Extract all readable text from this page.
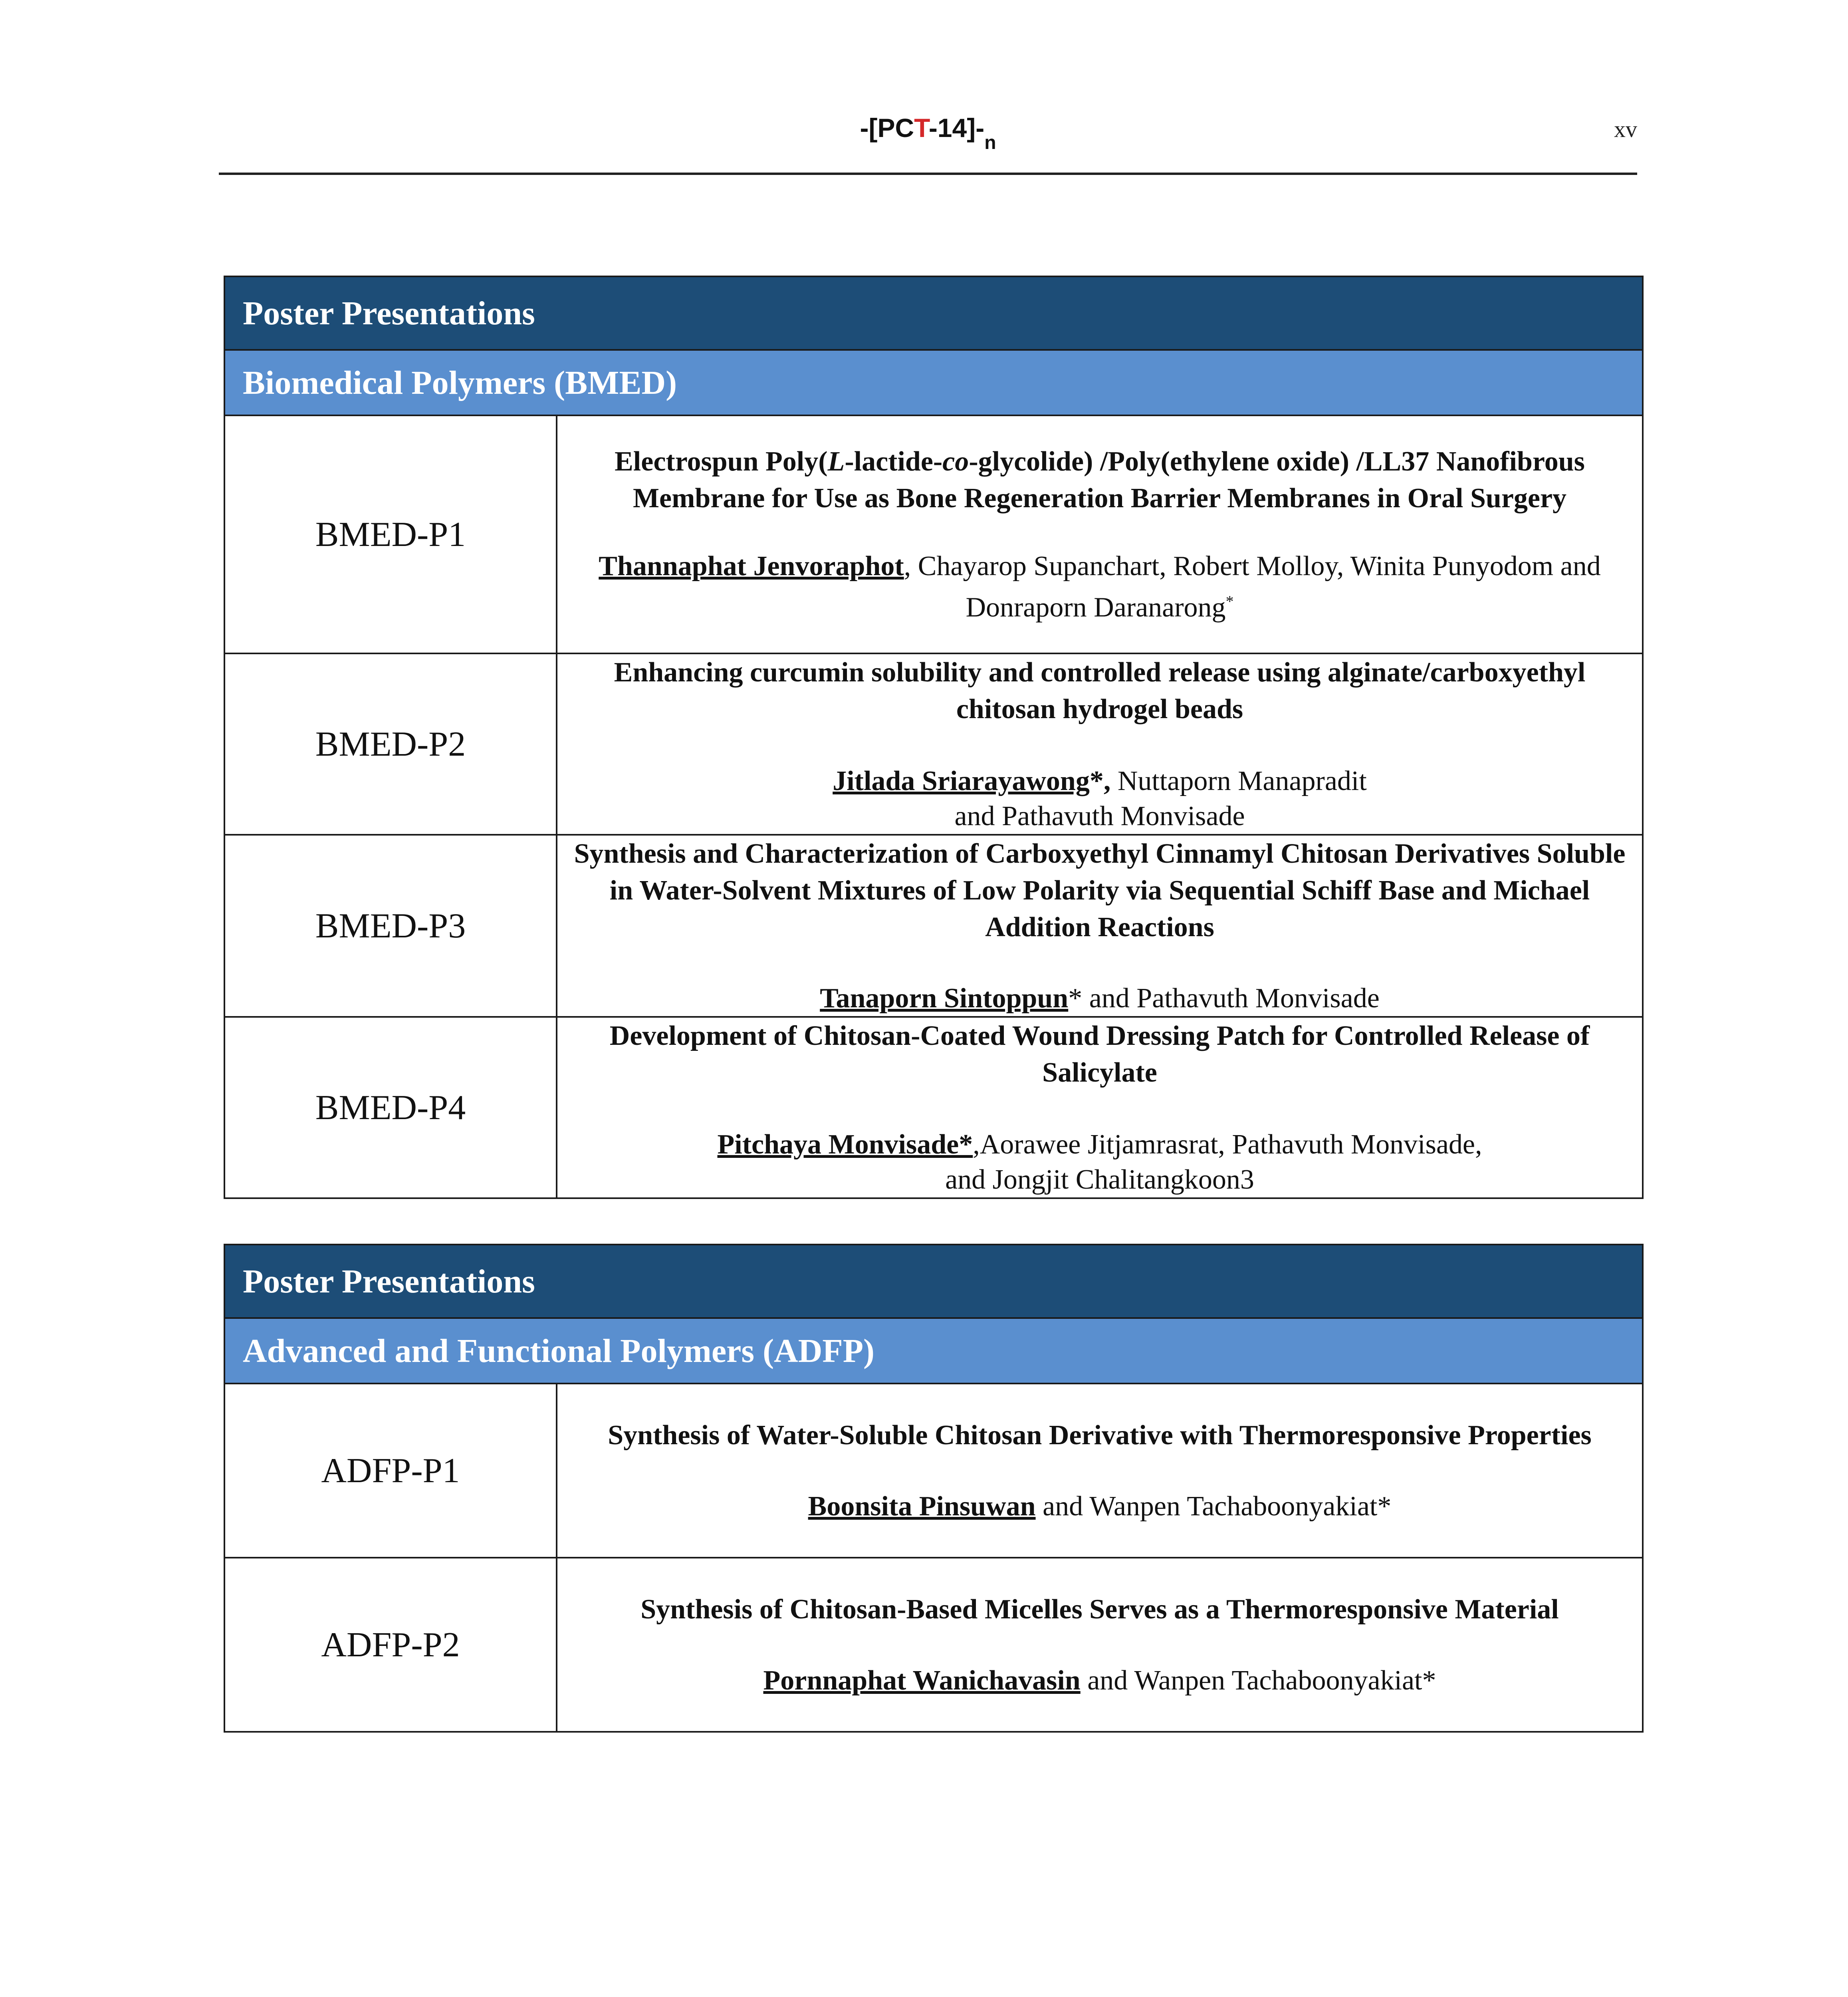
$-[PCT-14]-_n$
xv
Poster Presentations	
Biomedical Polymers (BMED)	
BMED-P1	Electrospun Poly(L-lactide-co-glycolide) /Poly(ethylene oxide) /LL37 Nanofibrous Membrane for Use as Bone Regeneration Barrier Membranes in Oral Surgery
Thannaphat Jenvoraphot, Chayarop Supanchart, Robert Molloy, Winita Punyodom and Donraporn Daranarong*

BMED-P2	Enhancing curcumin solubility and controlled release using alginate/carboxyethyl chitosan hydrogel beads
Jitlada Sriarayawong*, Nuttaporn Manapradit
and Pathavuth Monvisade

BMED-P3	Synthesis and Characterization of Carboxyethyl Cinnamyl Chitosan Derivatives Soluble in Water-Solvent Mixtures of Low Polarity via Sequential Schiff Base and Michael Addition Reactions
Tanaporn Sintoppun* and Pathavuth Monvisade

BMED-P4	Development of Chitosan-Coated Wound Dressing Patch for Controlled Release of Salicylate
Pitchaya Monvisade*,Aorawee Jitjamrasrat, Pathavuth Monvisade,
and Jongjit Chalitangkoon3
Poster Presentations	
Advanced and Functional Polymers (ADFP)	
ADFP-P1	Synthesis of Water-Soluble Chitosan Derivative with Thermoresponsive Properties
Boonsita Pinsuwan and Wanpen Tachaboonyakiat*

ADFP-P2	Synthesis of Chitosan-Based Micelles Serves as a Thermoresponsive Material
Pornnaphat Wanichavasin and Wanpen Tachaboonyakiat*
